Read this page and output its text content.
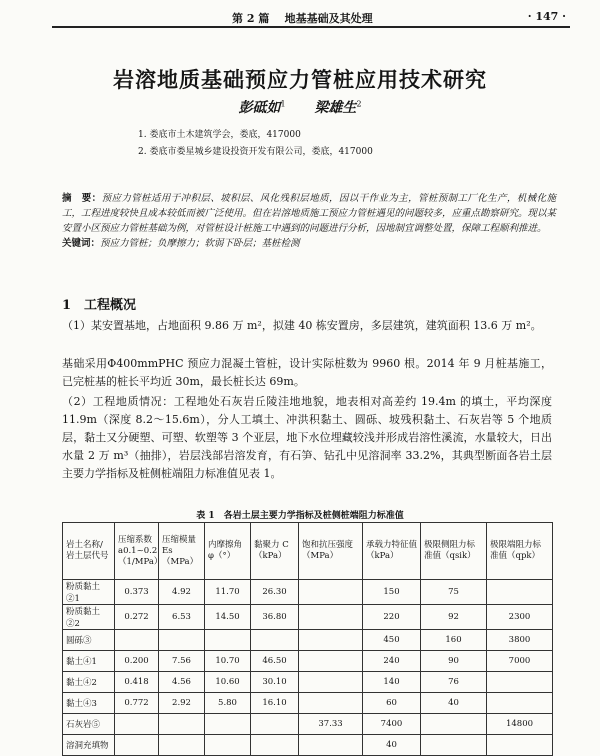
第 2 篇    地基基础及其处理	· 147 ·
岩溶地质基础预应力管桩应用技术研究
彭砥如$^1$ 梁雄生$^2$
1. 娄底市土木建筑学会，娄底，417000
2. 娄底市娄星城乡建设投资开发有限公司，娄底，417000
摘　要：预应力管桩适用于冲积层、坡积层、风化残积层地质，因以干作业为主，管桩预制工厂化生产，机械化施工，工程进度较快且成本较低而被广泛使用。但在岩溶地质施工预应力管桩遇见的问题较多，应重点勘察研究。现以某安置小区预应力管桩基础为例，对管桩设计桩施工中遇到的问题进行分析，因地制宜调整处置，保障工程顺利推进。
关键词：预应力管桩；负摩擦力；软弱下卧层；基桩检测
1　工程概况
（1）某安置基地，占地面积 9.86 万 m²，拟建 40 栋安置房，多层建筑，建筑面积 13.6 万 m²。
基础采用Φ400mmPHC 预应力混凝土管桩，设计实际桩数为 9960 根。2014 年 9 月桩基施工，已完桩基的桩长平均近 30m，最长桩长达 69m。
（2）工程地质情况：工程地处石灰岩丘陵洼地地貌，地表相对高差约 19.4m 的填土，平均深度 11.9m（深度 8.2～15.6m），分人工填土、冲洪积黏土、圆砾、坡残积黏土、石灰岩等 5 个地质层，黏土又分硬塑、可塑、软塑等 3 个亚层，地下水位埋藏较浅并形成岩溶性溪流，水量较大，日出水量 2 万 m³（抽排），岩层浅部岩溶发育，有石笋、钻孔中见溶洞率 33.2%，其典型断面各岩土层主要力学指标及桩侧桩端阻力标准值见表 1。
表 1　各岩土层主要力学指标及桩侧桩端阻力标准值
岩土名称/岩土层代号	压缩系数 a0.1~0.2（1/MPa）	压缩模量 Es（MPa）	内摩擦角 φ（°）	黏聚力 C（kPa）	饱和抗压强度（MPa）	承载力特征值（kPa）	极限侧阻力标准值（qsik）	极限端阻力标准值（qpk）
粉质黏土②1	0.373	4.92	11.70	26.30		150	75	
粉质黏土②2	0.272	6.53	14.50	36.80		220	92	2300
圆砾③						450	160	3800
黏土④1	0.200	7.56	10.70	46.50		240	90	7000
黏土④2	0.418	4.56	10.60	30.10		140	76	
黏土④3	0.772	2.92	5.80	16.10		60	40	
石灰岩⑤					37.33	7400		14800
溶洞充填物						40		
